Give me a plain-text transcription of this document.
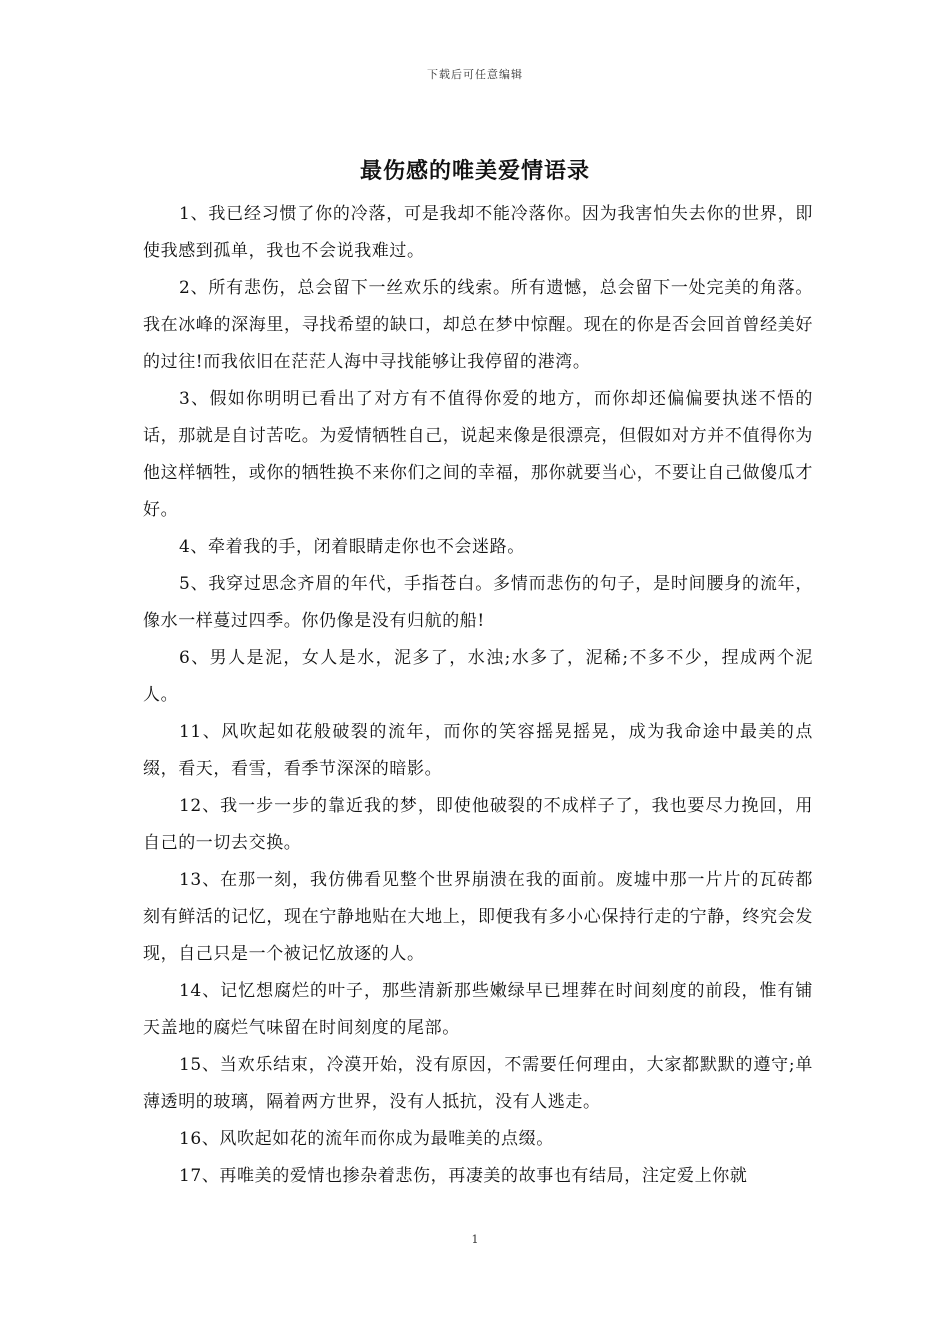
下载后可任意编辑
最伤感的唯美爱情语录

1、我已经习惯了你的冷落，可是我却不能冷落你。因为我害怕失去你的世界，即使我感到孤单，我也不会说我难过。

2、所有悲伤，总会留下一丝欢乐的线索。所有遗憾，总会留下一处完美的角落。我在冰峰的深海里，寻找希望的缺口，却总在梦中惊醒。现在的你是否会回首曾经美好的过往!而我依旧在茫茫人海中寻找能够让我停留的港湾。

3、假如你明明已看出了对方有不值得你爱的地方，而你却还偏偏要执迷不悟的话，那就是自讨苦吃。为爱情牺牲自己，说起来像是很漂亮，但假如对方并不值得你为他这样牺牲，或你的牺牲换不来你们之间的幸福，那你就要当心，不要让自己做傻瓜才好。

4、牵着我的手，闭着眼睛走你也不会迷路。

5、我穿过思念齐眉的年代，手指苍白。多情而悲伤的句子，是时间腰身的流年，像水一样蔓过四季。你仍像是没有归航的船!

6、男人是泥，女人是水，泥多了，水浊;水多了，泥稀;不多不少，捏成两个泥人。

11、风吹起如花般破裂的流年，而你的笑容摇晃摇晃，成为我命途中最美的点缀，看天，看雪，看季节深深的暗影。

12、我一步一步的靠近我的梦，即使他破裂的不成样子了，我也要尽力挽回，用自己的一切去交换。

13、在那一刻，我仿佛看见整个世界崩溃在我的面前。废墟中那一片片的瓦砖都刻有鲜活的记忆，现在宁静地贴在大地上，即便我有多小心保持行走的宁静，终究会发现，自己只是一个被记忆放逐的人。

14、记忆想腐烂的叶子，那些清新那些嫩绿早已埋葬在时间刻度的前段，惟有铺天盖地的腐烂气味留在时间刻度的尾部。

15、当欢乐结束，冷漠开始，没有原因，不需要任何理由，大家都默默的遵守;单薄透明的玻璃，隔着两方世界，没有人抵抗，没有人逃走。

16、风吹起如花的流年而你成为最唯美的点缀。

17、再唯美的爱情也掺杂着悲伤，再凄美的故事也有结局，注定爱上你就

1
